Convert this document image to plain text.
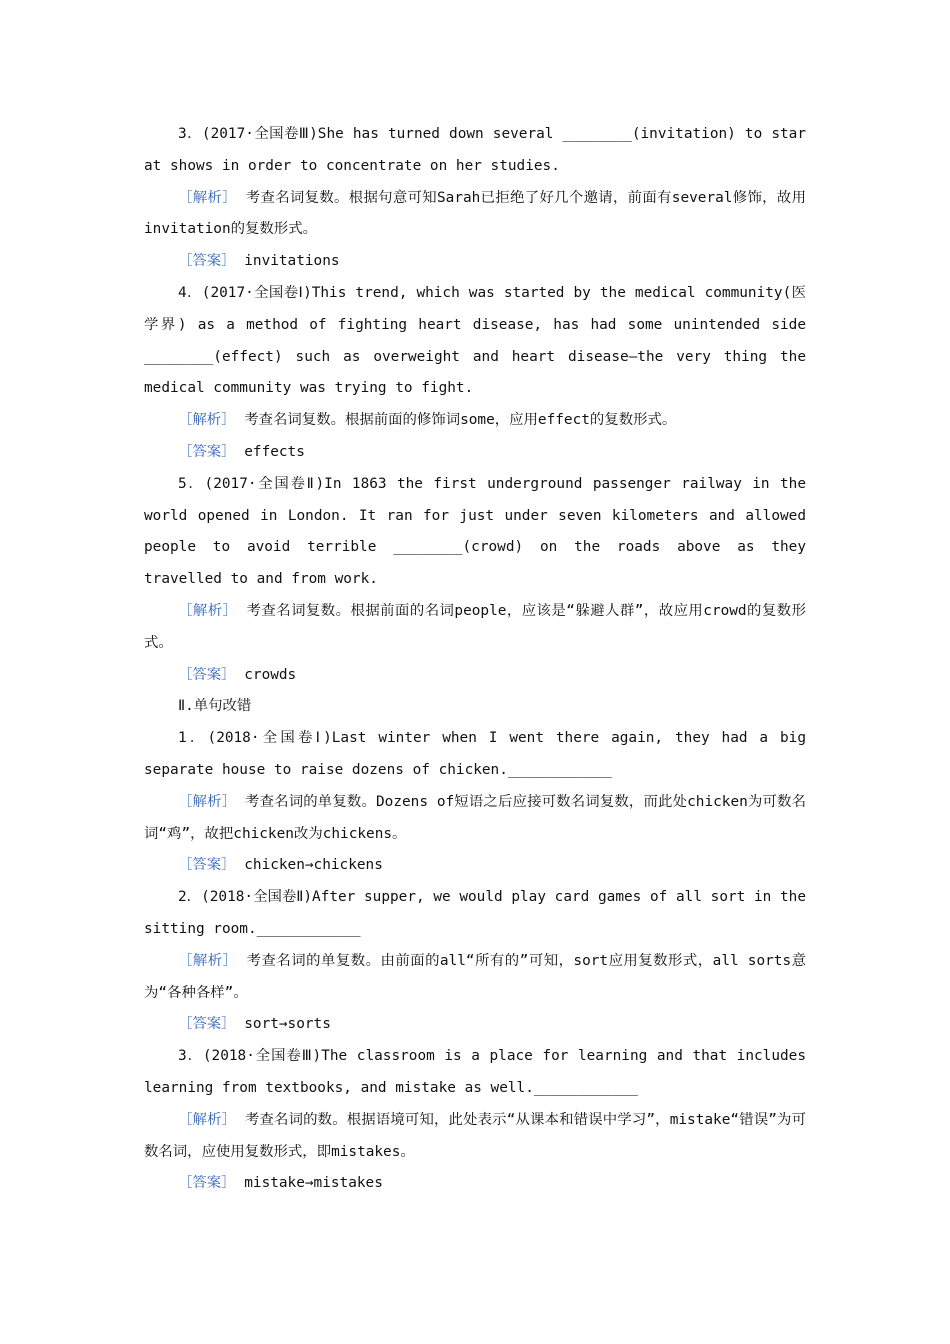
3．(2017·全国卷Ⅲ)She has turned down several ________(invitation) to star at shows in order to concentrate on her studies.

［解析］ 考查名词复数。根据句意可知Sarah已拒绝了好几个邀请，前面有several修饰，故用invitation的复数形式。

［答案］ invitations

4．(2017·全国卷Ⅰ)This trend, which was started by the medical community(医学界) as a method of fighting heart disease, has had some unintended side ________(effect) such as overweight and heart disease—the very thing the medical community was trying to fight.

［解析］ 考查名词复数。根据前面的修饰词some，应用effect的复数形式。

［答案］ effects

5．(2017·全国卷Ⅱ)In 1863 the first underground passenger railway in the world opened in London. It ran for just under seven kilometers and allowed people to avoid terrible ________(crowd) on the roads above as they travelled to and from work.

［解析］ 考查名词复数。根据前面的名词people，应该是“躲避人群”，故应用crowd的复数形式。

［答案］ crowds

Ⅱ.单句改错

1．(2018·全国卷Ⅰ)Last winter when I went there again, they had a big separate house to raise dozens of chicken.____________

［解析］ 考查名词的单复数。Dozens of短语之后应接可数名词复数，而此处chicken为可数名词“鸡”，故把chicken改为chickens。

［答案］ chicken→chickens

2．(2018·全国卷Ⅱ)After supper, we would play card games of all sort in the sitting room.____________

［解析］ 考查名词的单复数。由前面的all“所有的”可知，sort应用复数形式，all sorts意为“各种各样”。

［答案］ sort→sorts

3．(2018·全国卷Ⅲ)The classroom is a place for learning and that includes learning from textbooks, and mistake as well.____________

［解析］ 考查名词的数。根据语境可知，此处表示“从课本和错误中学习”，mistake“错误”为可数名词，应使用复数形式，即mistakes。

［答案］ mistake→mistakes
